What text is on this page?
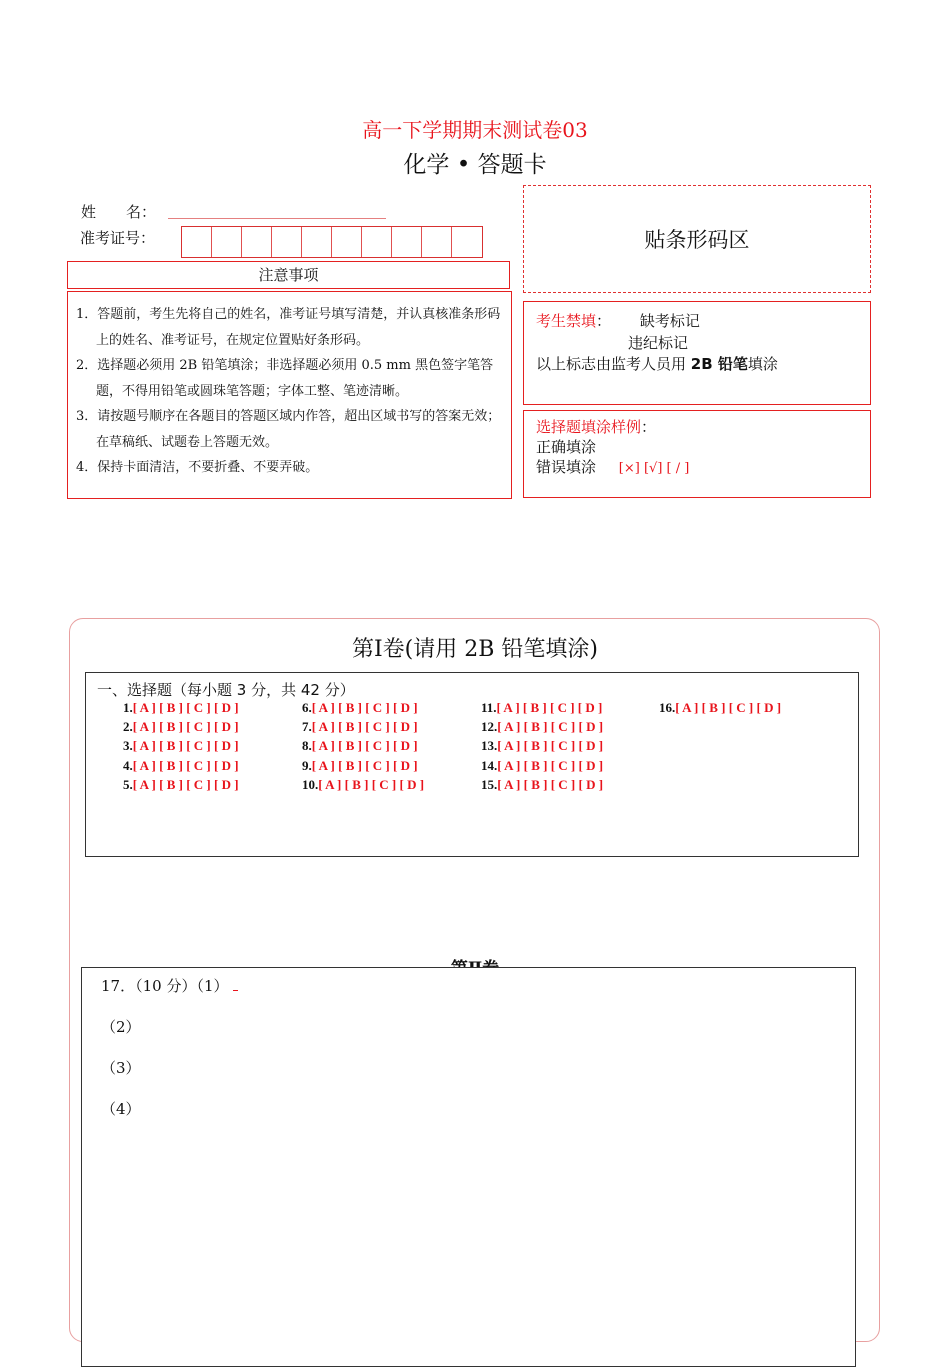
高一下学期期末测试卷03
化学 • 答题卡
姓　　名：
准考证号：
注意事项
1．答题前，考生先将自己的姓名，准考证号填写清楚，并认真核准条形码上的姓名、准考证号，在规定位置贴好条形码。
2．选择题必须用 2B 铅笔填涂；非选择题必须用 0.5 mm 黑色签字笔答题，不得用铅笔或圆珠笔答题；字体工整、笔迹清晰。
3．请按题号顺序在各题目的答题区域内作答，超出区域书写的答案无效；在草稿纸、试题卷上答题无效。
4．保持卡面清洁，不要折叠、不要弄破。
贴条形码区
考生禁填： 缺考标记
违纪标记
以上标志由监考人员用 2B 铅笔填涂
选择题填涂样例：
正确填涂
错误填涂 [×] [√] [ / ]
第Ⅰ卷(请用 2B 铅笔填涂)
一、选择题（每小题 3 分，共 42 分）
1.[ A ] [ B ] [ C ] [ D ]
2.[ A ] [ B ] [ C ] [ D ]
3.[ A ] [ B ] [ C ] [ D ]
4.[ A ] [ B ] [ C ] [ D ]
5.[ A ] [ B ] [ C ] [ D ]
6.[ A ] [ B ] [ C ] [ D ]
7.[ A ] [ B ] [ C ] [ D ]
8.[ A ] [ B ] [ C ] [ D ]
9.[ A ] [ B ] [ C ] [ D ]
10.[ A ] [ B ] [ C ] [ D ]
11.[ A ] [ B ] [ C ] [ D ]
12.[ A ] [ B ] [ C ] [ D ]
13.[ A ] [ B ] [ C ] [ D ]
14.[ A ] [ B ] [ C ] [ D ]
15.[ A ] [ B ] [ C ] [ D ]
16.[ A ] [ B ] [ C ] [ D ]
17．（10 分）（1）
（2）
（3）
（4）
